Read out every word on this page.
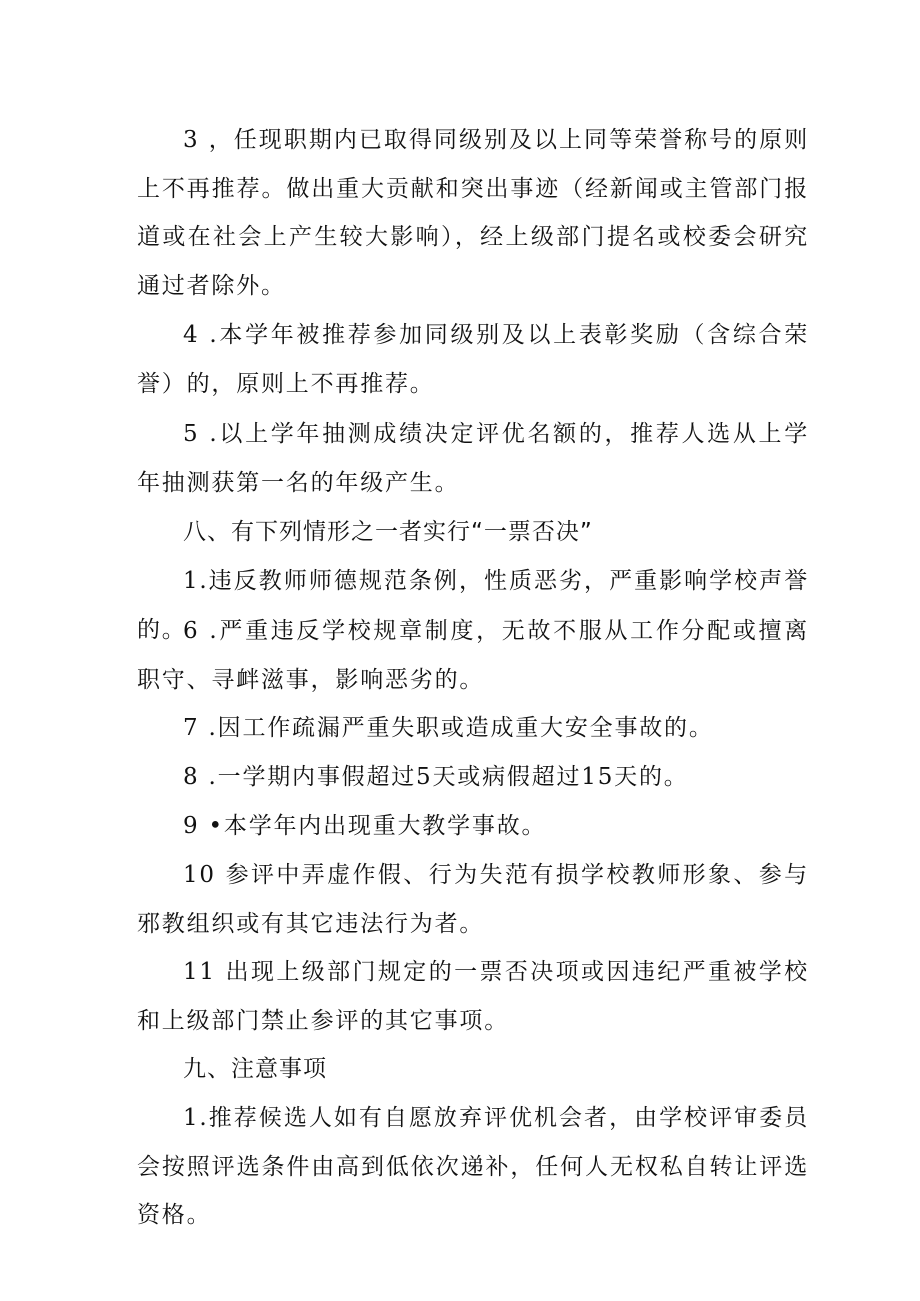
3 ，任现职期内已取得同级别及以上同等荣誉称号的原则上不再推荐。做出重大贡献和突出事迹（经新闻或主管部门报道或在社会上产生较大影响），经上级部门提名或校委会研究通过者除外。

4 .本学年被推荐参加同级别及以上表彰奖励（含综合荣誉）的，原则上不再推荐。

5 .以上学年抽测成绩决定评优名额的，推荐人选从上学年抽测获第一名的年级产生。

八、有下列情形之一者实行“一票否决”

1.违反教师师德规范条例，性质恶劣，严重影响学校声誉的。

6 .严重违反学校规章制度，无故不服从工作分配或擅离职守、寻衅滋事，影响恶劣的。

7 .因工作疏漏严重失职或造成重大安全事故的。

8 .一学期内事假超过5天或病假超过15天的。

9 •本学年内出现重大教学事故。

10 参评中弄虚作假、行为失范有损学校教师形象、参与邪教组织或有其它违法行为者。

11 出现上级部门规定的一票否决项或因违纪严重被学校和上级部门禁止参评的其它事项。

九、注意事项

1.推荐候选人如有自愿放弃评优机会者，由学校评审委员会按照评选条件由高到低依次递补，任何人无权私自转让评选资格。
